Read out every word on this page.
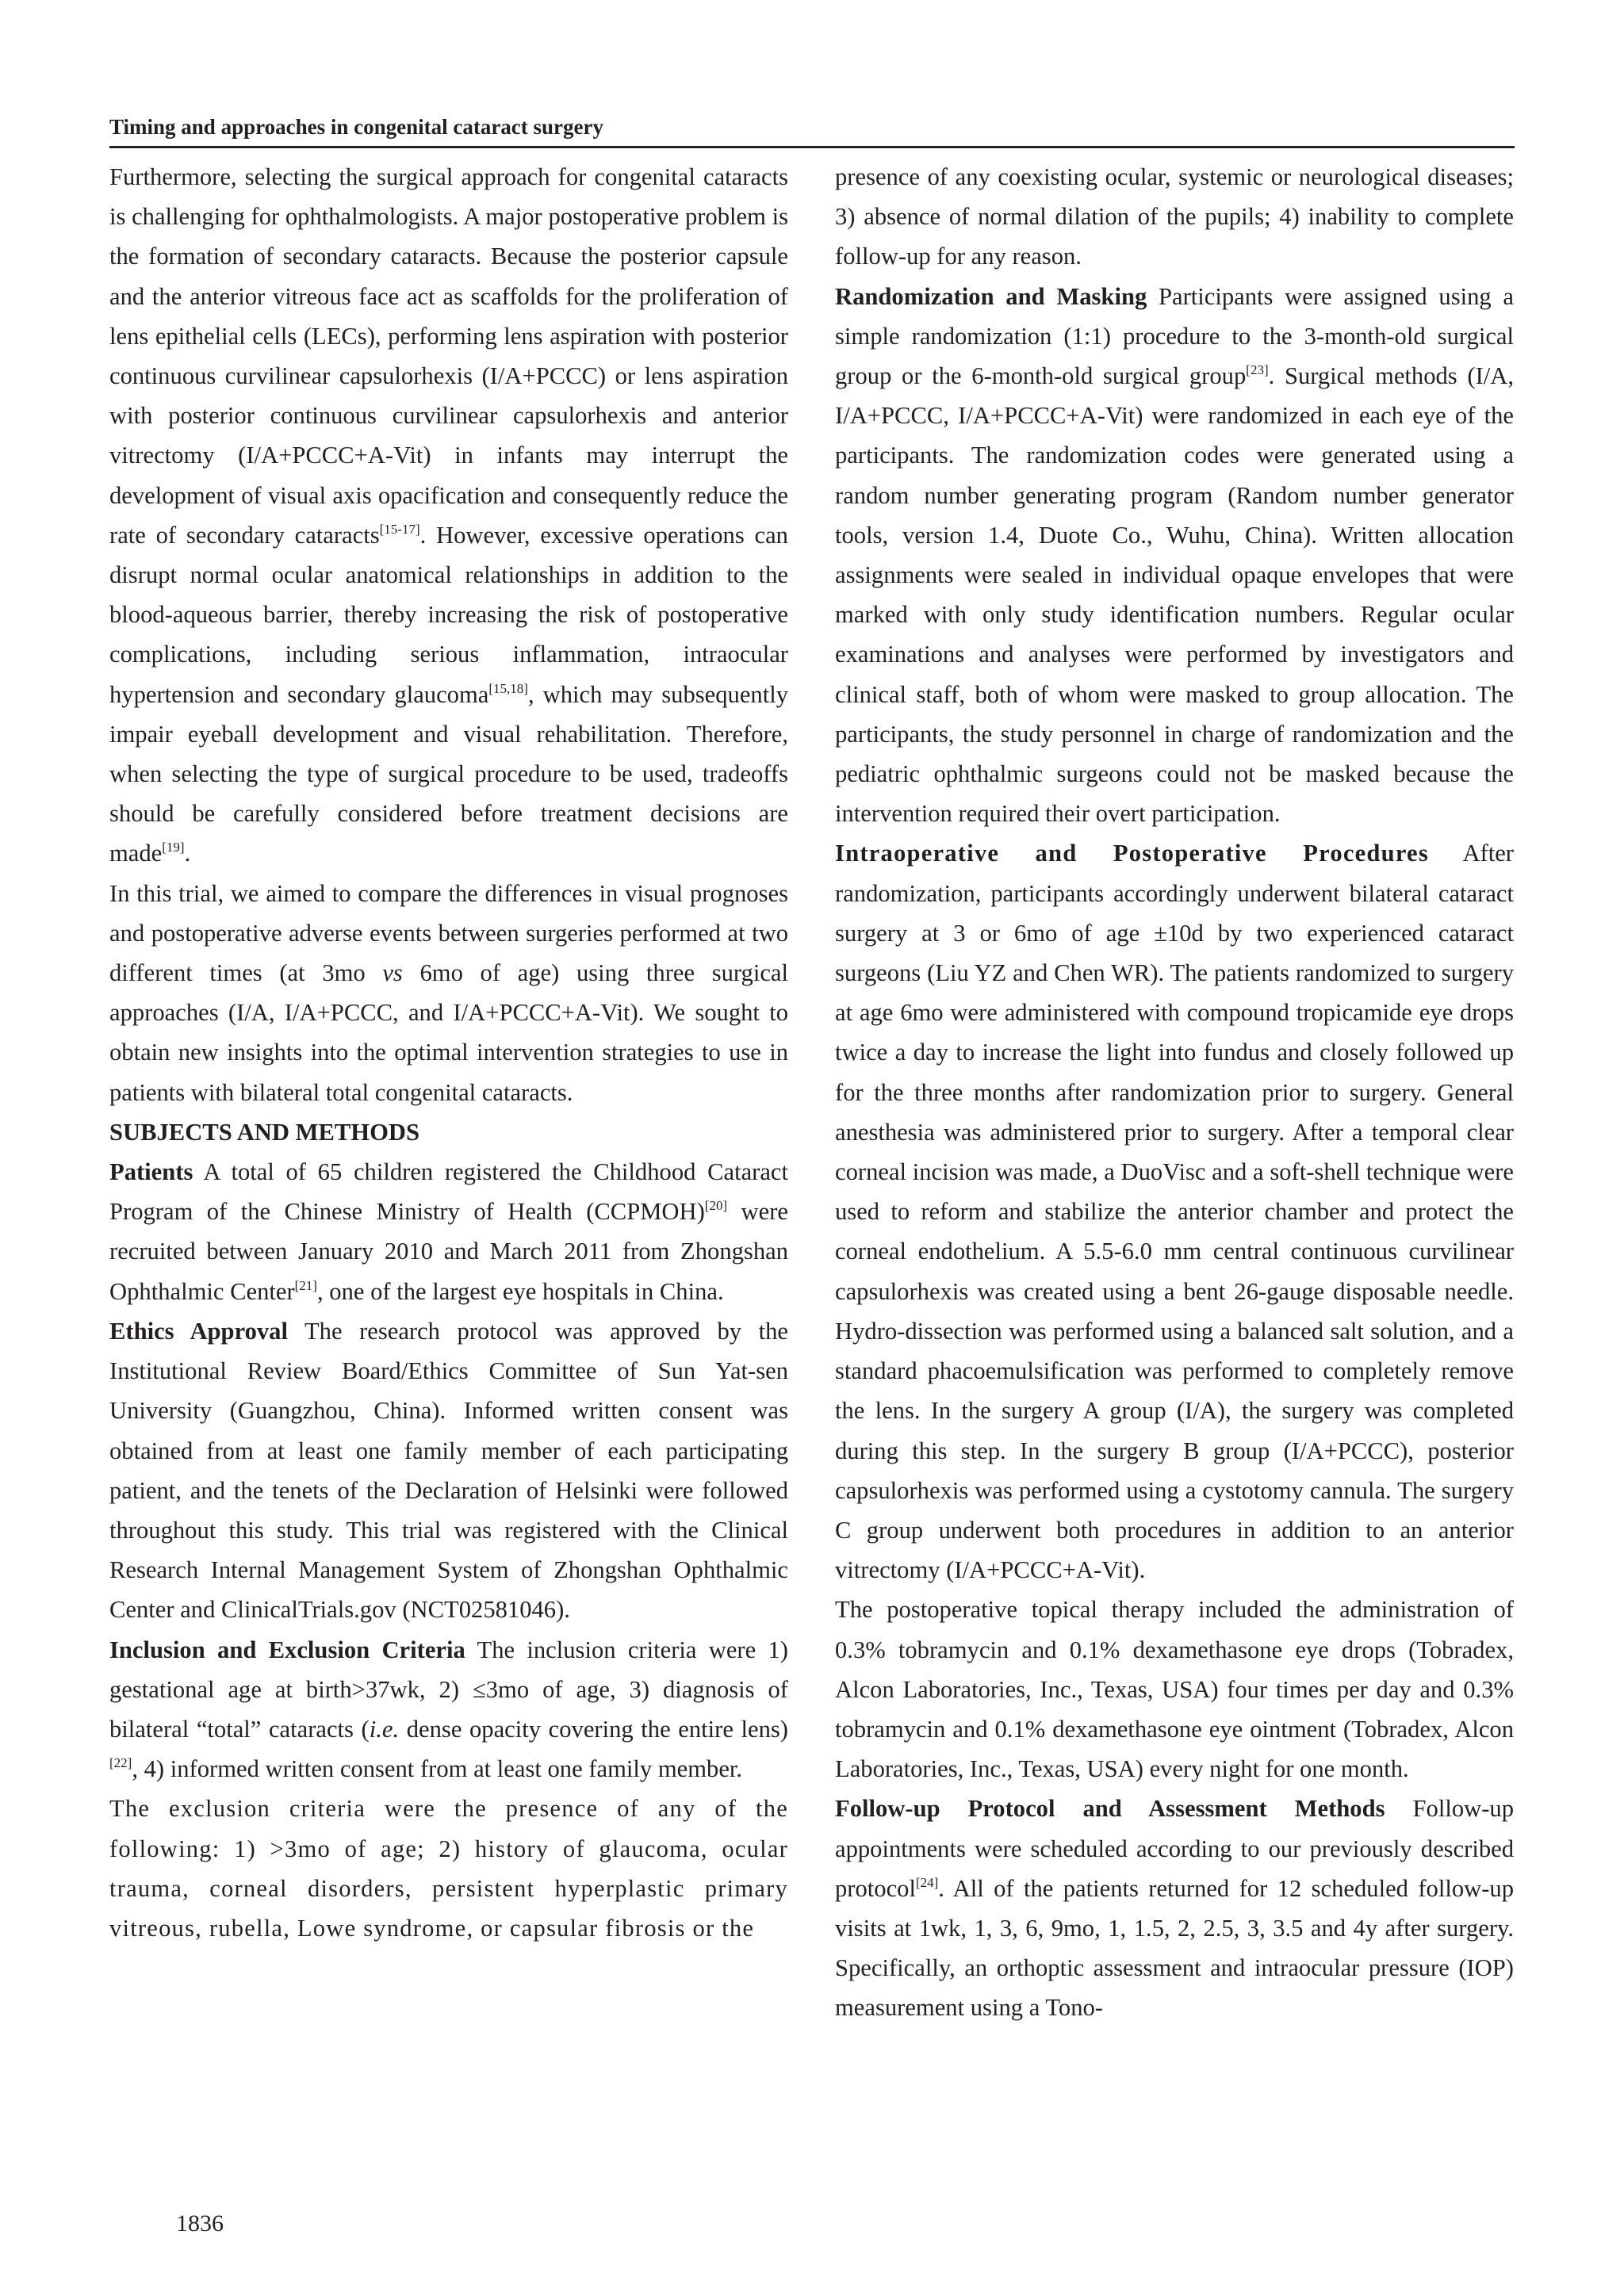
Timing and approaches in congenital cataract surgery

Furthermore, selecting the surgical approach for congenital cataracts is challenging for ophthalmologists. A major postoperative problem is the formation of secondary cataracts. Because the posterior capsule and the anterior vitreous face act as scaffolds for the proliferation of lens epithelial cells (LECs), performing lens aspiration with posterior continuous curvilinear capsulorhexis (I/A+PCCC) or lens aspiration with posterior continuous curvilinear capsulorhexis and anterior vitrectomy (I/A+PCCC+A-Vit) in infants may interrupt the development of visual axis opacification and consequently reduce the rate of secondary cataracts[15-17]. However, excessive operations can disrupt normal ocular anatomical relationships in addition to the blood-aqueous barrier, thereby increasing the risk of postoperative complications, including serious inflammation, intraocular hypertension and secondary glaucoma[15,18], which may subsequently impair eyeball development and visual rehabilitation. Therefore, when selecting the type of surgical procedure to be used, tradeoffs should be carefully considered before treatment decisions are made[19].

In this trial, we aimed to compare the differences in visual prognoses and postoperative adverse events between surgeries performed at two different times (at 3mo vs 6mo of age) using three surgical approaches (I/A, I/A+PCCC, and I/A+PCCC+A-Vit). We sought to obtain new insights into the optimal intervention strategies to use in patients with bilateral total congenital cataracts.

SUBJECTS AND METHODS

Patients A total of 65 children registered the Childhood Cataract Program of the Chinese Ministry of Health (CCPMOH)[20] were recruited between January 2010 and March 2011 from Zhongshan Ophthalmic Center[21], one of the largest eye hospitals in China.

Ethics Approval The research protocol was approved by the Institutional Review Board/Ethics Committee of Sun Yat-sen University (Guangzhou, China). Informed written consent was obtained from at least one family member of each participating patient, and the tenets of the Declaration of Helsinki were followed throughout this study. This trial was registered with the Clinical Research Internal Management System of Zhongshan Ophthalmic Center and ClinicalTrials.gov (NCT02581046).

Inclusion and Exclusion Criteria The inclusion criteria were 1) gestational age at birth>37wk, 2) ≤3mo of age, 3) diagnosis of bilateral “total” cataracts (i.e. dense opacity covering the entire lens)[22], 4) informed written consent from at least one family member.

The exclusion criteria were the presence of any of the following: 1) >3mo of age; 2) history of glaucoma, ocular trauma, corneal disorders, persistent hyperplastic primary vitreous, rubella, Lowe syndrome, or capsular fibrosis or the

presence of any coexisting ocular, systemic or neurological diseases; 3) absence of normal dilation of the pupils; 4) inability to complete follow-up for any reason.

Randomization and Masking Participants were assigned using a simple randomization (1:1) procedure to the 3-month-old surgical group or the 6-month-old surgical group[23]. Surgical methods (I/A, I/A+PCCC, I/A+PCCC+A-Vit) were randomized in each eye of the participants. The randomization codes were generated using a random number generating program (Random number generator tools, version 1.4, Duote Co., Wuhu, China). Written allocation assignments were sealed in individual opaque envelopes that were marked with only study identification numbers. Regular ocular examinations and analyses were performed by investigators and clinical staff, both of whom were masked to group allocation. The participants, the study personnel in charge of randomization and the pediatric ophthalmic surgeons could not be masked because the intervention required their overt participation.

Intraoperative and Postoperative Procedures After randomization, participants accordingly underwent bilateral cataract surgery at 3 or 6mo of age ±10d by two experienced cataract surgeons (Liu YZ and Chen WR). The patients randomized to surgery at age 6mo were administered with compound tropicamide eye drops twice a day to increase the light into fundus and closely followed up for the three months after randomization prior to surgery. General anesthesia was administered prior to surgery. After a temporal clear corneal incision was made, a DuoVisc and a soft-shell technique were used to reform and stabilize the anterior chamber and protect the corneal endothelium. A 5.5-6.0 mm central continuous curvilinear capsulorhexis was created using a bent 26-gauge disposable needle. Hydro-dissection was performed using a balanced salt solution, and a standard phacoemulsification was performed to completely remove the lens. In the surgery A group (I/A), the surgery was completed during this step. In the surgery B group (I/A+PCCC), posterior capsulorhexis was performed using a cystotomy cannula. The surgery C group underwent both procedures in addition to an anterior vitrectomy (I/A+PCCC+A-Vit).

The postoperative topical therapy included the administration of 0.3% tobramycin and 0.1% dexamethasone eye drops (Tobradex, Alcon Laboratories, Inc., Texas, USA) four times per day and 0.3% tobramycin and 0.1% dexamethasone eye ointment (Tobradex, Alcon Laboratories, Inc., Texas, USA) every night for one month.

Follow-up Protocol and Assessment Methods Follow-up appointments were scheduled according to our previously described protocol[24]. All of the patients returned for 12 scheduled follow-up visits at 1wk, 1, 3, 6, 9mo, 1, 1.5, 2, 2.5, 3, 3.5 and 4y after surgery. Specifically, an orthoptic assessment and intraocular pressure (IOP) measurement using a Tono-

1836
